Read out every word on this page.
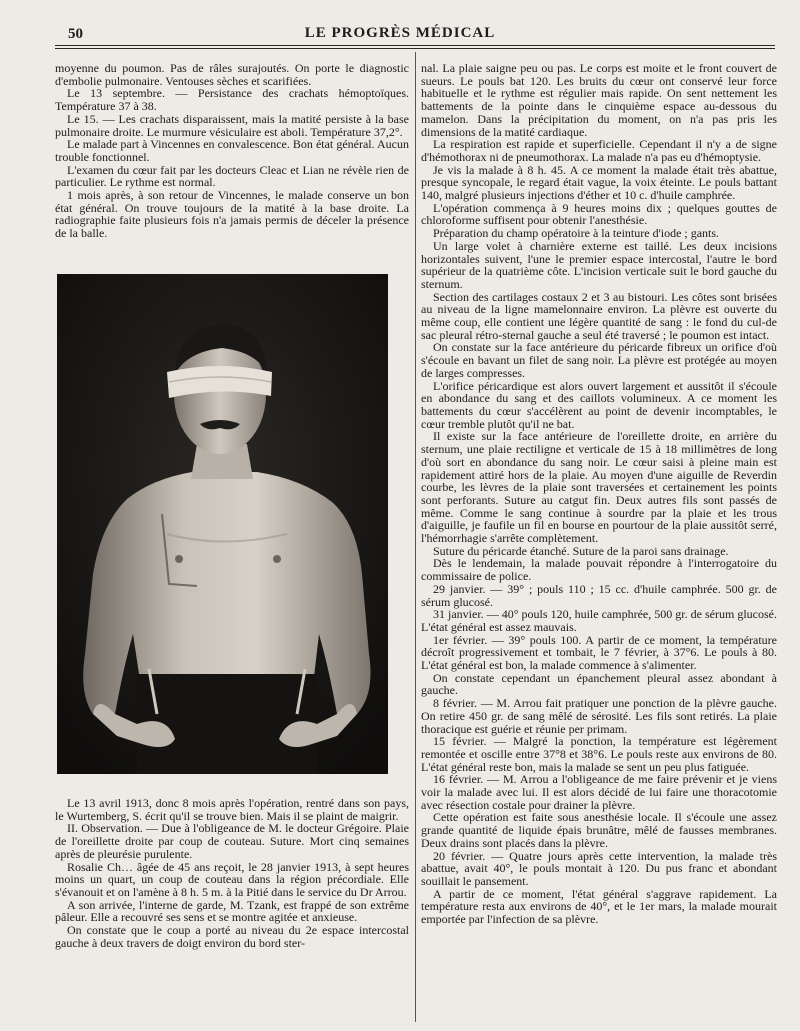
50	LE PROGRÈS MÉDICAL

moyenne du poumon. Pas de râles surajoutés. On porte le diagnostic d'embolie pulmonaire. Ventouses sèches et scarifiées.

Le 13 septembre. — Persistance des crachats hémoptoïques. Température 37 à 38.

Le 15. — Les crachats disparaissent, mais la matité persiste à la base pulmonaire droite. Le murmure vésiculaire est aboli. Température 37,2°.

Le malade part à Vincennes en convalescence. Bon état général. Aucun trouble fonctionnel.

L'examen du cœur fait par les docteurs Cleac et Lian ne révèle rien de particulier. Le rythme est normal.

1 mois après, à son retour de Vincennes, le malade conserve un bon état général. On trouve toujours de la matité à la base droite. La radiographie faite plusieurs fois n'a jamais permis de déceler la présence de la balle.

Le 13 avril 1913, donc 8 mois après l'opération, rentré dans son pays, le Wurtemberg, S. écrit qu'il se trouve bien. Mais il se plaint de maigrir.

II. Observation. — Due à l'obligeance de M. le docteur Grégoire. Plaie de l'oreillette droite par coup de couteau. Suture. Mort cinq semaines après de pleurésie purulente.

Rosalie Ch… âgée de 45 ans reçoit, le 28 janvier 1913, à sept heures moins un quart, un coup de couteau dans la région précordiale. Elle s'évanouit et on l'amène à 8 h. 5 m. à la Pitié dans le service du Dr Arrou.

A son arrivée, l'interne de garde, M. Tzank, est frappé de son extrême pâleur. Elle a recouvré ses sens et se montre agitée et anxieuse.

On constate que le coup a porté au niveau du 2e espace intercostal gauche à deux travers de doigt environ du bord ster-

nal. La plaie saigne peu ou pas. Le corps est moite et le front couvert de sueurs. Le pouls bat 120. Les bruits du cœur ont conservé leur force habituelle et le rythme est régulier mais rapide. On sent nettement les battements de la pointe dans le cinquième espace au-dessous du mamelon. Dans la précipitation du moment, on n'a pas pris les dimensions de la matité cardiaque.

La respiration est rapide et superficielle. Cependant il n'y a de signe d'hémothorax ni de pneumothorax. La malade n'a pas eu d'hémoptysie.

Je vis la malade à 8 h. 45. A ce moment la malade était très abattue, presque syncopale, le regard était vague, la voix éteinte. Le pouls battant 140, malgré plusieurs injections d'éther et 10 c. d'huile camphrée.

L'opération commença à 9 heures moins dix ; quelques gouttes de chloroforme suffisent pour obtenir l'anesthésie.

Préparation du champ opératoire à la teinture d'iode ; gants.

Un large volet à charnière externe est taillé. Les deux incisions horizontales suivent, l'une le premier espace intercostal, l'autre le bord supérieur de la quatrième côte. L'incision verticale suit le bord gauche du sternum.

Section des cartilages costaux 2 et 3 au bistouri. Les côtes sont brisées au niveau de la ligne mamelonnaire environ. La plèvre est ouverte du même coup, elle contient une légère quantité de sang : le fond du cul-de sac pleural rétro-sternal gauche a seul été traversé ; le poumon est intact.

On constate sur la face antérieure du péricarde fibreux un orifice d'où s'écoule en bavant un filet de sang noir. La plèvre est protégée au moyen de larges compresses.

L'orifice péricardique est alors ouvert largement et aussitôt il s'écoule en abondance du sang et des caillots volumineux. A ce moment les battements du cœur s'accélèrent au point de devenir incomptables, le cœur tremble plutôt qu'il ne bat.

Il existe sur la face antérieure de l'oreillette droite, en arrière du sternum, une plaie rectiligne et verticale de 15 à 18 millimètres de long d'où sort en abondance du sang noir. Le cœur saisi à pleine main est rapidement attiré hors de la plaie. Au moyen d'une aiguille de Reverdin courbe, les lèvres de la plaie sont traversées et certainement les points sont perforants. Suture au catgut fin. Deux autres fils sont passés de même. Comme le sang continue à sourdre par la plaie et les trous d'aiguille, je faufile un fil en bourse en pourtour de la plaie aussitôt serré, l'hémorrhagie s'arrête complètement.

Suture du péricarde étanché. Suture de la paroi sans drainage.

Dès le lendemain, la malade pouvait répondre à l'interrogatoire du commissaire de police.

29 janvier. — 39° ; pouls 110 ; 15 cc. d'huile camphrée. 500 gr. de sérum glucosé.

31 janvier. — 40° pouls 120, huile camphrée, 500 gr. de sérum glucosé. L'état général est assez mauvais.

1er février. — 39° pouls 100. A partir de ce moment, la température décroît progressivement et tombait, le 7 février, à 37°6. Le pouls à 80. L'état général est bon, la malade commence à s'alimenter.

On constate cependant un épanchement pleural assez abondant à gauche.

8 février. — M. Arrou fait pratiquer une ponction de la plèvre gauche. On retire 450 gr. de sang mêlé de sérosité. Les fils sont retirés. La plaie thoracique est guérie et réunie per primam.

15 février. — Malgré la ponction, la température est légèrement remontée et oscille entre 37°8 et 38°6. Le pouls reste aux environs de 80. L'état général reste bon, mais la malade se sent un peu plus fatiguée.

16 février. — M. Arrou a l'obligeance de me faire prévenir et je viens voir la malade avec lui. Il est alors décidé de lui faire une thoracotomie avec résection costale pour drainer la plèvre.

Cette opération est faite sous anesthésie locale. Il s'écoule une assez grande quantité de liquide épais brunâtre, mêlé de fausses membranes. Deux drains sont placés dans la plèvre.

20 février. — Quatre jours après cette intervention, la malade très abattue, avait 40°, le pouls montait à 120. Du pus franc et abondant souillait le pansement.

A partir de ce moment, l'état général s'aggrave rapidement. La température resta aux environs de 40°, et le 1er mars, la malade mourait emportée par l'infection de sa plèvre.
